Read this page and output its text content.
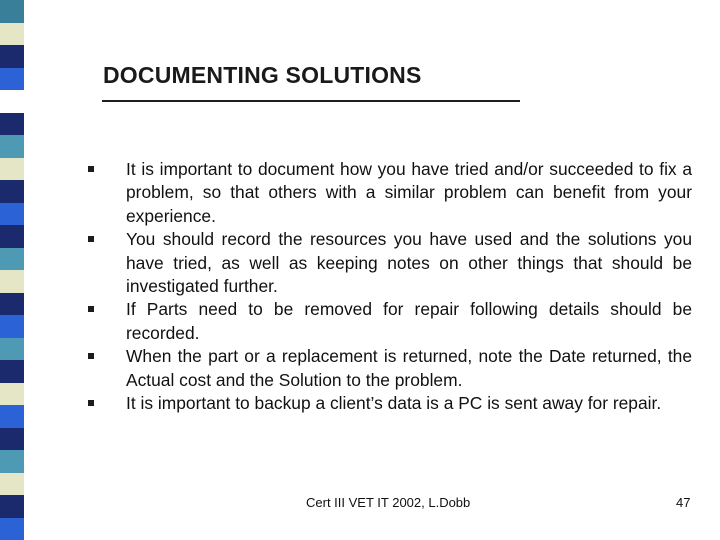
DOCUMENTING SOLUTIONS
It is important to document how you have tried and/or succeeded to fix a problem, so that others with a similar problem can benefit from your experience.
You should record the resources you have used and the solutions you have tried, as well as keeping notes on other things that should be investigated further.
If Parts need to be removed for repair following details should be recorded.
When the part or a replacement is returned, note the Date returned, the Actual cost and the Solution to the problem.
It is important to backup a client’s data is a PC is sent away for repair.
Cert III VET IT 2002, L.Dobb	47
